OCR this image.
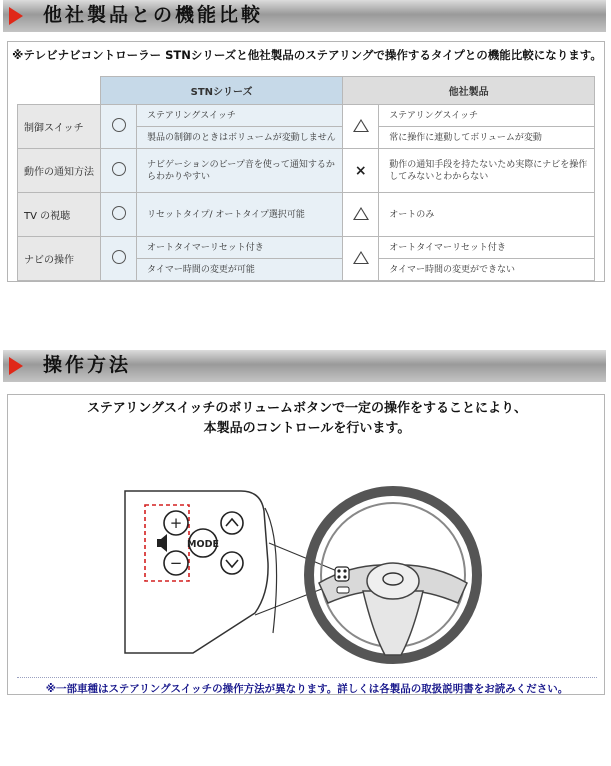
他社製品との機能比較
※テレビナビコントローラー STNシリーズと他社製品のステアリングで操作するタイプとの機能比較になります。
	STNシリーズ		他社製品	
制御スイッチ		ステアリングスイッチ		ステアリングスイッチ
		製品の制御のときはボリュームが変動しません		常に操作に連動してボリュームが変動
動作の通知方法		ナビゲーションのビープ音を使って通知するか
らわかりやすい	×	動作の通知手段を持たないため実際にナビを操作
してみないとわからない
TV の視聴		リセットタイプ/ オートタイプ選択可能		オートのみ
ナビの操作		オートタイマーリセット付き		オートタイマーリセット付き
		タイマー時間の変更が可能		タイマー時間の変更ができない
操作方法
ステアリングスイッチのボリュームボタンで一定の操作をすることにより、
本製品のコントロールを行います。
+
−
MODE
※一部車種はステアリングスイッチの操作方法が異なります。詳しくは各製品の取扱説明書をお読みください。
